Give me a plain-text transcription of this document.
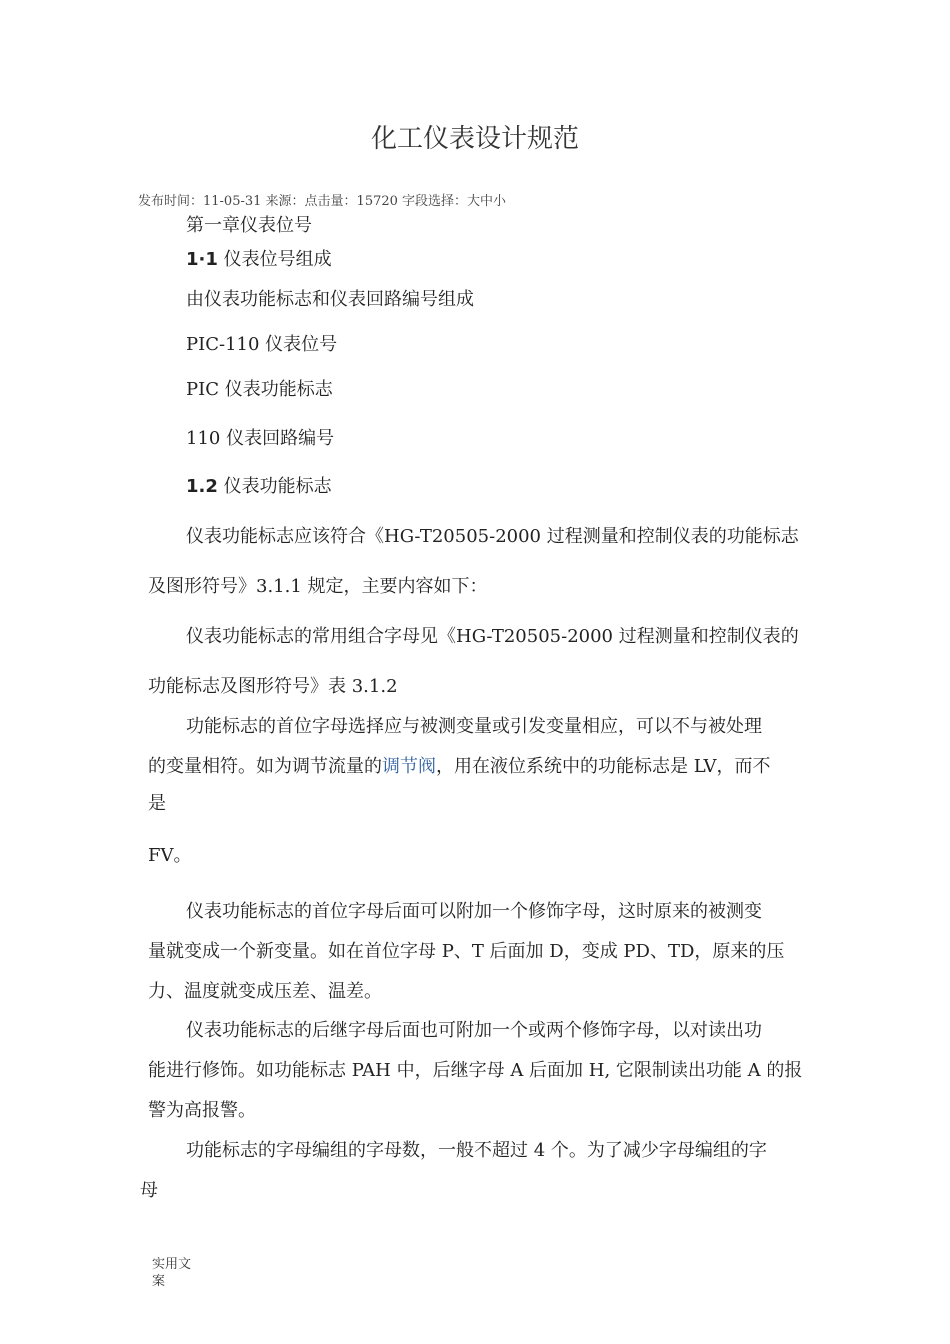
化工仪表设计规范
发布时间：11-05-31 来源：点击量：15720 字段选择：大中小
第一章仪表位号
1·1 仪表位号组成
由仪表功能标志和仪表回路编号组成
PIC-110 仪表位号
PIC 仪表功能标志
110 仪表回路编号
1.2 仪表功能标志
仪表功能标志应该符合《HG-T20505-2000 过程测量和控制仪表的功能标志
及图形符号》3.1.1 规定，主要内容如下：
仪表功能标志的常用组合字母见《HG-T20505-2000 过程测量和控制仪表的
功能标志及图形符号》表 3.1.2
功能标志的首位字母选择应与被测变量或引发变量相应，可以不与被处理
的变量相符。如为调节流量的调节阀，用在液位系统中的功能标志是 LV，而不
是
FV。
仪表功能标志的首位字母后面可以附加一个修饰字母，这时原来的被测变
量就变成一个新变量。如在首位字母 P、T 后面加 D，变成 PD、TD，原来的压
力、温度就变成压差、温差。
仪表功能标志的后继字母后面也可附加一个或两个修饰字母，以对读出功
能进行修饰。如功能标志 PAH 中，后继字母 A 后面加 H, 它限制读出功能 A 的报
警为高报警。
功能标志的字母编组的字母数，一般不超过 4 个。为了减少字母编组的字
母
实用文案
